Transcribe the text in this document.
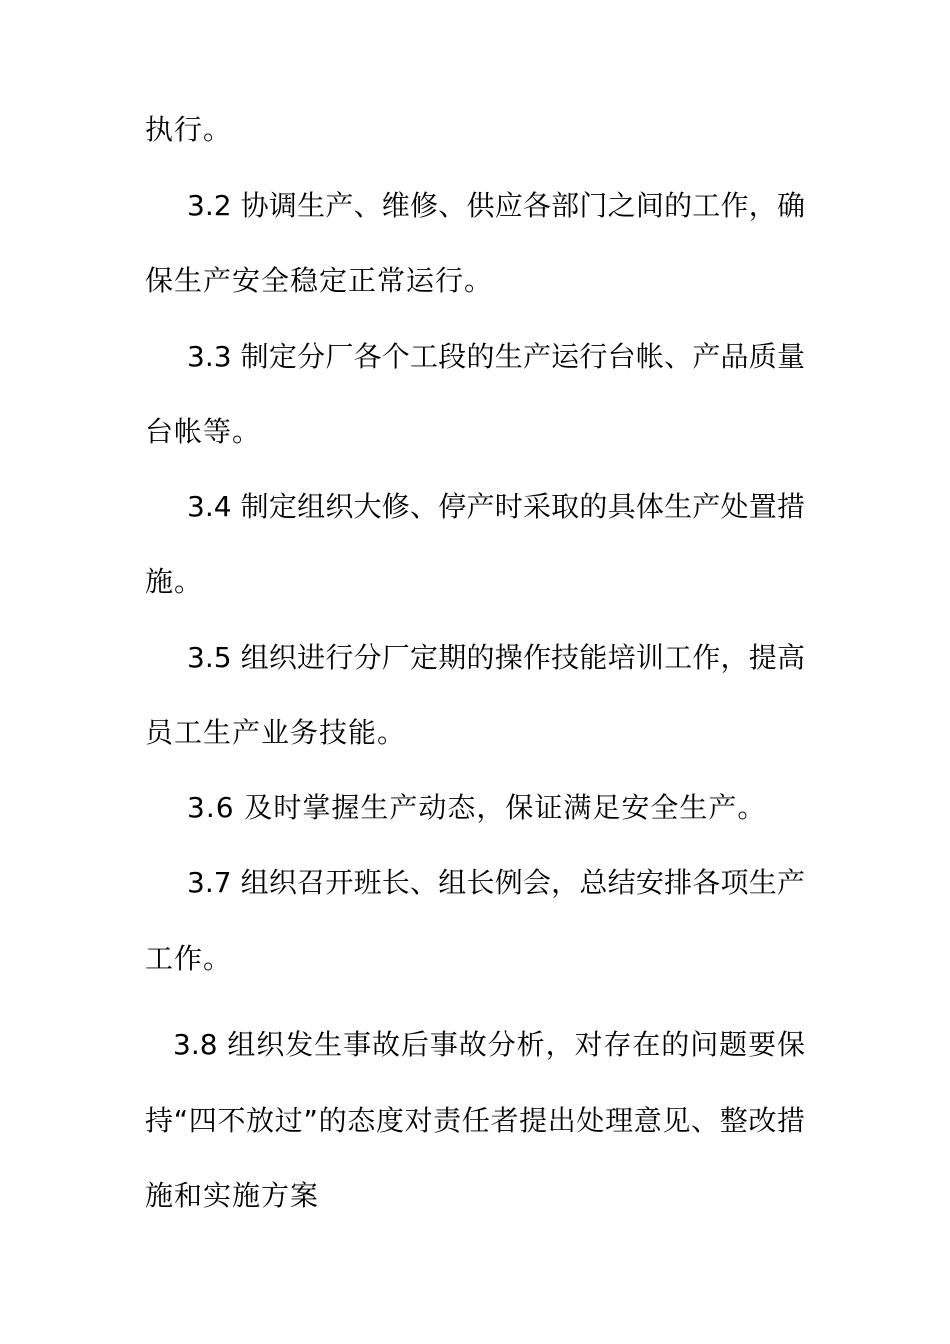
执行。
3.2 协调生产、维修、供应各部门之间的工作，确
保生产安全稳定正常运行。
3.3 制定分厂各个工段的生产运行台帐、产品质量
台帐等。
3.4 制定组织大修、停产时采取的具体生产处置措
施。
3.5 组织进行分厂定期的操作技能培训工作，提高
员工生产业务技能。
3.6 及时掌握生产动态，保证满足安全生产。
3.7 组织召开班长、组长例会，总结安排各项生产
工作。
3.8 组织发生事故后事故分析，对存在的问题要保
持“四不放过”的态度对责任者提出处理意见、整改措
施和实施方案
